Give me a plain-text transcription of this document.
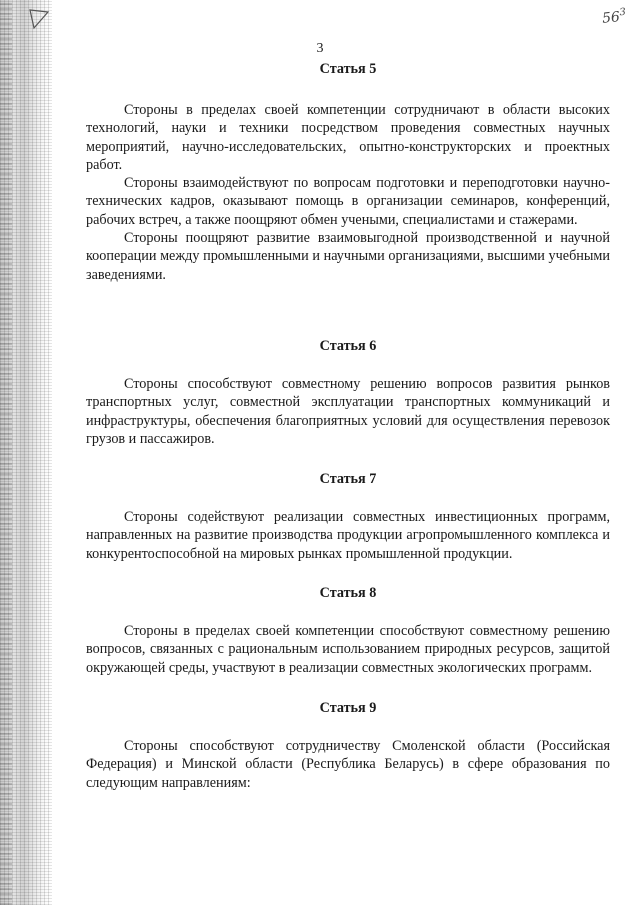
$56^3$

3

Статья 5

Стороны в пределах своей компетенции сотрудничают в области высоких технологий, науки и техники посредством проведения совместных научных мероприятий, научно-исследовательских, опытно-конструкторских и проектных работ.

Стороны взаимодействуют по вопросам подготовки и переподготовки научно-технических кадров, оказывают помощь в организации семинаров, конференций, рабочих встреч, а также поощряют обмен учеными, специалистами и стажерами.

Стороны поощряют развитие взаимовыгодной производственной и научной кооперации между промышленными и научными организациями, высшими учебными заведениями.

Статья 6

Стороны способствуют совместному решению вопросов развития рынков транспортных услуг, совместной эксплуатации транспортных коммуникаций и инфраструктуры, обеспечения благоприятных условий для осуществления перевозок грузов и пассажиров.

Статья 7

Стороны содействуют реализации совместных инвестиционных программ, направленных на развитие производства продукции агропромышленного комплекса и конкурентоспособной на мировых рынках промышленной продукции.

Статья 8

Стороны в пределах своей компетенции способствуют совместному решению вопросов, связанных с рациональным использованием природных ресурсов, защитой окружающей среды, участвуют в реализации совместных экологических программ.

Статья 9

Стороны способствуют сотрудничеству Смоленской области (Российская Федерация) и Минской области (Республика Беларусь) в сфере образования по следующим направлениям:
